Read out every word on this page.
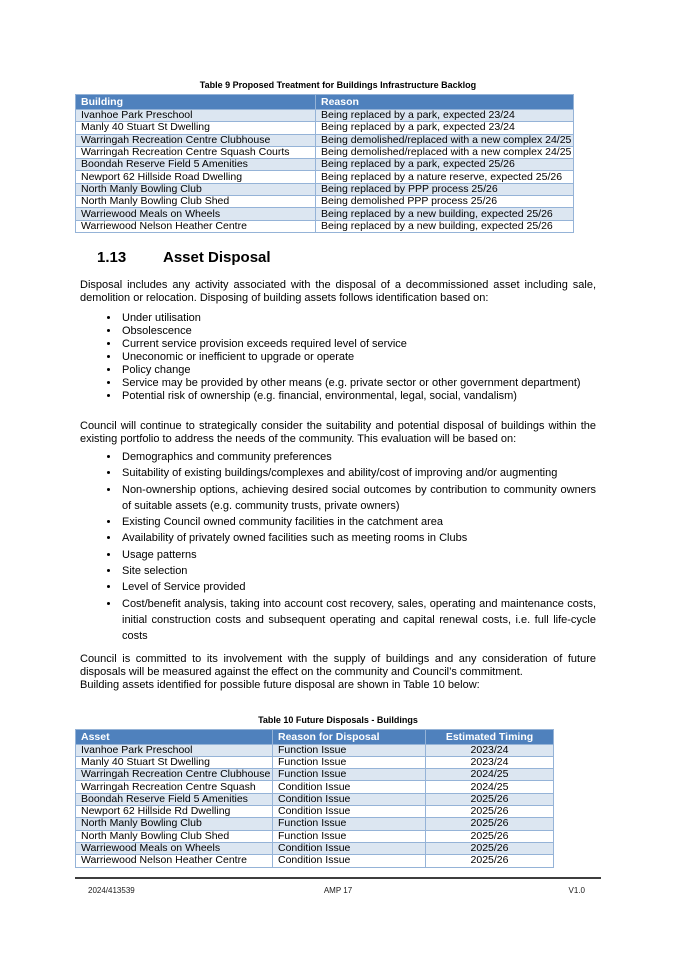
Table 9 Proposed Treatment for Buildings Infrastructure Backlog
Building	Reason
Ivanhoe Park Preschool	Being replaced by a park, expected 23/24
Manly 40 Stuart St Dwelling	Being replaced by a park, expected 23/24
Warringah Recreation Centre Clubhouse	Being demolished/replaced with a new complex 24/25
Warringah Recreation Centre Squash Courts	Being demolished/replaced with a new complex 24/25
Boondah Reserve Field 5 Amenities	Being replaced by a park, expected 25/26
Newport 62 Hillside Road Dwelling	Being replaced by a nature reserve, expected 25/26
North Manly Bowling Club	Being replaced by PPP process 25/26
North Manly Bowling Club Shed	Being demolished PPP process 25/26
Warriewood Meals on Wheels	Being replaced by a new building, expected 25/26
Warriewood Nelson Heather Centre	Being replaced by a new building, expected 25/26
1.13	Asset Disposal

Disposal includes any activity associated with the disposal of a decommissioned asset including sale, demolition or relocation. Disposing of building assets follows identification based on:

• Under utilisation
• Obsolescence
• Current service provision exceeds required level of service
• Uneconomic or inefficient to upgrade or operate
• Policy change
• Service may be provided by other means (e.g. private sector or other government department)
• Potential risk of ownership (e.g. financial, environmental, legal, social, vandalism)

Council will continue to strategically consider the suitability and potential disposal of buildings within the existing portfolio to address the needs of the community. This evaluation will be based on:

• Demographics and community preferences
• Suitability of existing buildings/complexes and ability/cost of improving and/or augmenting
• Non-ownership options, achieving desired social outcomes by contribution to community owners of suitable assets (e.g. community trusts, private owners)
• Existing Council owned community facilities in the catchment area
• Availability of privately owned facilities such as meeting rooms in Clubs
• Usage patterns
• Site selection
• Level of Service provided
• Cost/benefit analysis, taking into account cost recovery, sales, operating and maintenance costs, initial construction costs and subsequent operating and capital renewal costs, i.e. full life-cycle costs

Council is committed to its involvement with the supply of buildings and any consideration of future disposals will be measured against the effect on the community and Council’s commitment.
Building assets identified for possible future disposal are shown in Table 10 below:

Table 10 Future Disposals - Buildings
Asset	Reason for Disposal	Estimated Timing
Ivanhoe Park Preschool	Function Issue	2023/24
Manly 40 Stuart St Dwelling	Function Issue	2023/24
Warringah Recreation Centre Clubhouse	Function Issue	2024/25
Warringah Recreation Centre Squash	Condition Issue	2024/25
Boondah Reserve Field 5 Amenities	Condition Issue	2025/26
Newport 62 Hillside Rd Dwelling	Condition Issue	2025/26
North Manly Bowling Club	Function Issue	2025/26
North Manly Bowling Club Shed	Function Issue	2025/26
Warriewood Meals on Wheels	Condition Issue	2025/26
Warriewood Nelson Heather Centre	Condition Issue	2025/26
2024/413539	AMP 17	V1.0
